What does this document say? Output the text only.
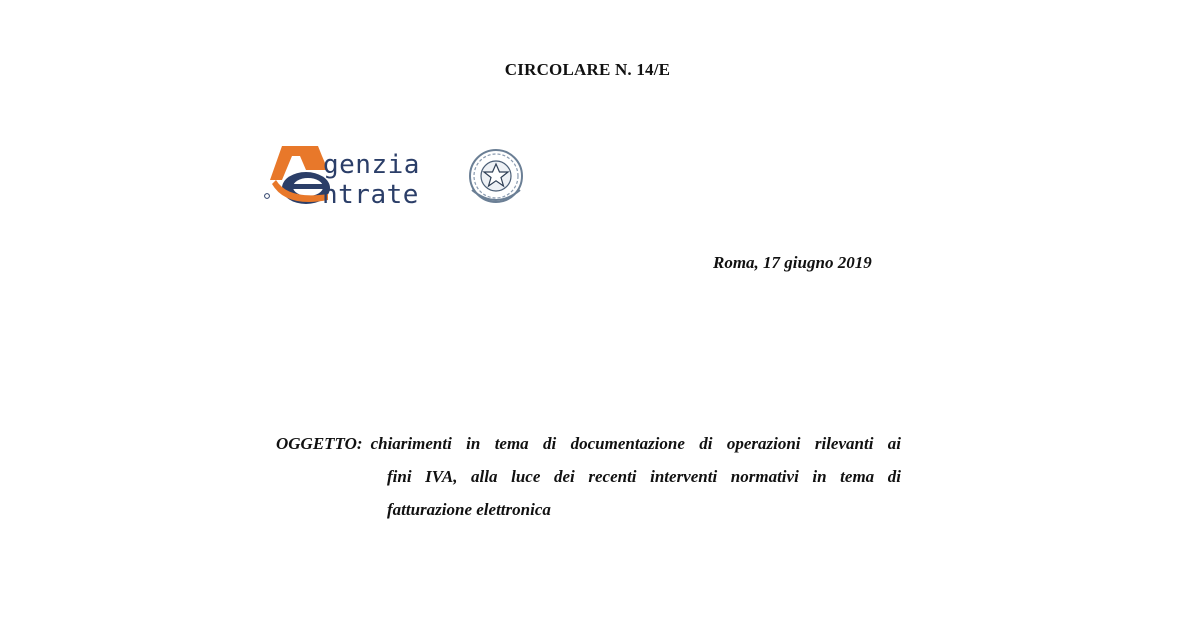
CIRCOLARE N. 14/E
genzia
ntrate
Roma, 17 giugno 2019
OGGETTO: chiarimenti in tema di documentazione di operazioni rilevanti ai
fini IVA, alla luce dei recenti interventi normativi in tema di
fatturazione elettronica
